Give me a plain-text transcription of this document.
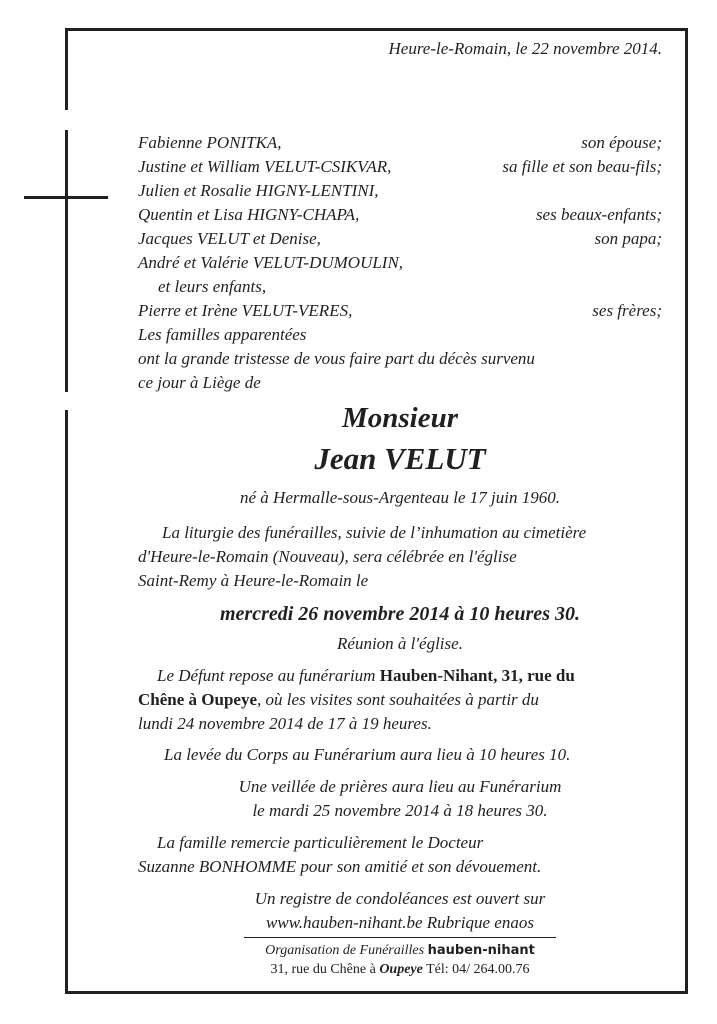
Heure-le-Romain, le 22 novembre 2014.
Fabienne PONITKA,	son épouse;
Justine et William VELUT-CSIKVAR,	sa fille et son beau-fils;
Julien et Rosalie HIGNY-LENTINI,
Quentin et Lisa HIGNY-CHAPA,	ses beaux-enfants;
Jacques VELUT et Denise,	son papa;
André et Valérie VELUT-DUMOULIN,
et leurs enfants,
Pierre et Irène VELUT-VERES,	ses frères;
Les familles apparentées
ont la grande tristesse de vous faire part du décès survenu
ce jour à Liège de
Monsieur
Jean VELUT
né à Hermalle-sous-Argenteau le 17 juin 1960.
La liturgie des funérailles, suivie de l’inhumation au cimetière
d'Heure-le-Romain (Nouveau), sera célébrée en l'église
Saint-Remy à Heure-le-Romain le
mercredi 26 novembre 2014 à 10 heures 30.
Réunion à l'église.
Le Défunt repose au funérarium Hauben-Nihant, 31, rue du
Chêne à Oupeye, où les visites sont souhaitées à partir du
lundi 24 novembre 2014 de 17 à 19 heures.
La levée du Corps au Funérarium aura lieu à 10 heures 10.
Une veillée de prières aura lieu au Funérarium
le mardi 25 novembre 2014 à 18 heures 30.
La famille remercie particulièrement le Docteur
Suzanne BONHOMME pour son amitié et son dévouement.
Un registre de condoléances est ouvert sur
www.hauben-nihant.be Rubrique enaos
Organisation de Funérailles hauben-nihant
31, rue du Chêne à Oupeye Tél: 04/ 264.00.76
